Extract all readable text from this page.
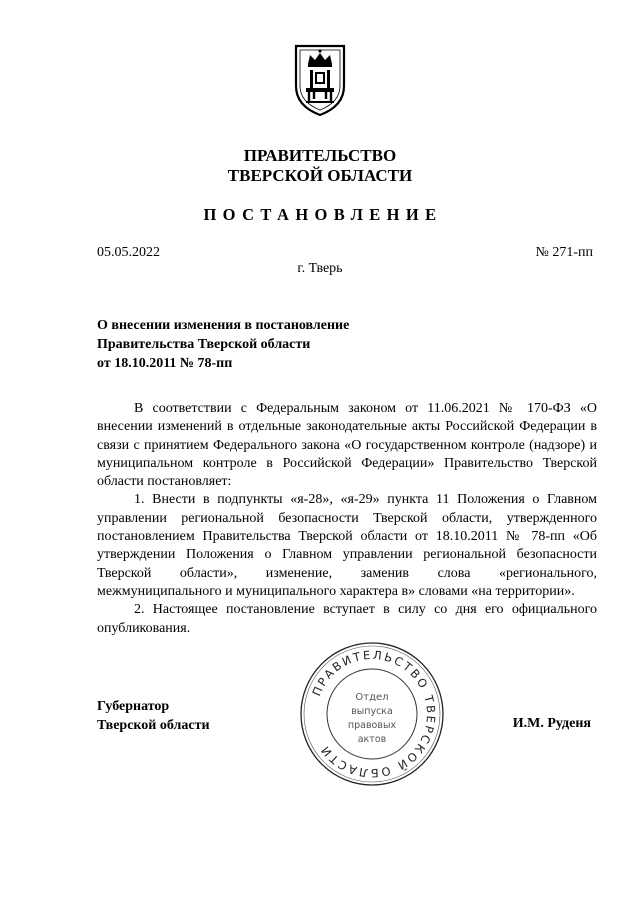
ПРАВИТЕЛЬСТВО
ТВЕРСКОЙ ОБЛАСТИ
ПОСТАНОВЛЕНИЕ
05.05.2022	№ 271-пп
г. Тверь
О внесении изменения в постановление
Правительства Тверской области
от 18.10.2011 № 78-пп

В соответствии с Федеральным законом от 11.06.2021 № 170-ФЗ «О внесении изменений в отдельные законодательные акты Российской Федерации в связи с принятием Федерального закона «О государственном контроле (надзоре) и муниципальном контроле в Российской Федерации» Правительство Тверской области постановляет:

1. Внести в подпункты «я-28», «я-29» пункта 11 Положения о Главном управлении региональной безопасности Тверской области, утвержденного постановлением Правительства Тверской области от 18.10.2011 № 78-пп «Об утверждении Положения о Главном управлении региональной безопасности Тверской области», изменение, заменив слова «регионального, межмуниципального и муниципального характера в» словами «на территории».

2. Настоящее постановление вступает в силу со дня его официального опубликования.

Губернатор
Тверской области	И.М. Руденя
ПРАВИТЕЛЬСТВО ТВЕРСКОЙ ОБЛАСТИ
Отдел
выпуска
правовых
актов
